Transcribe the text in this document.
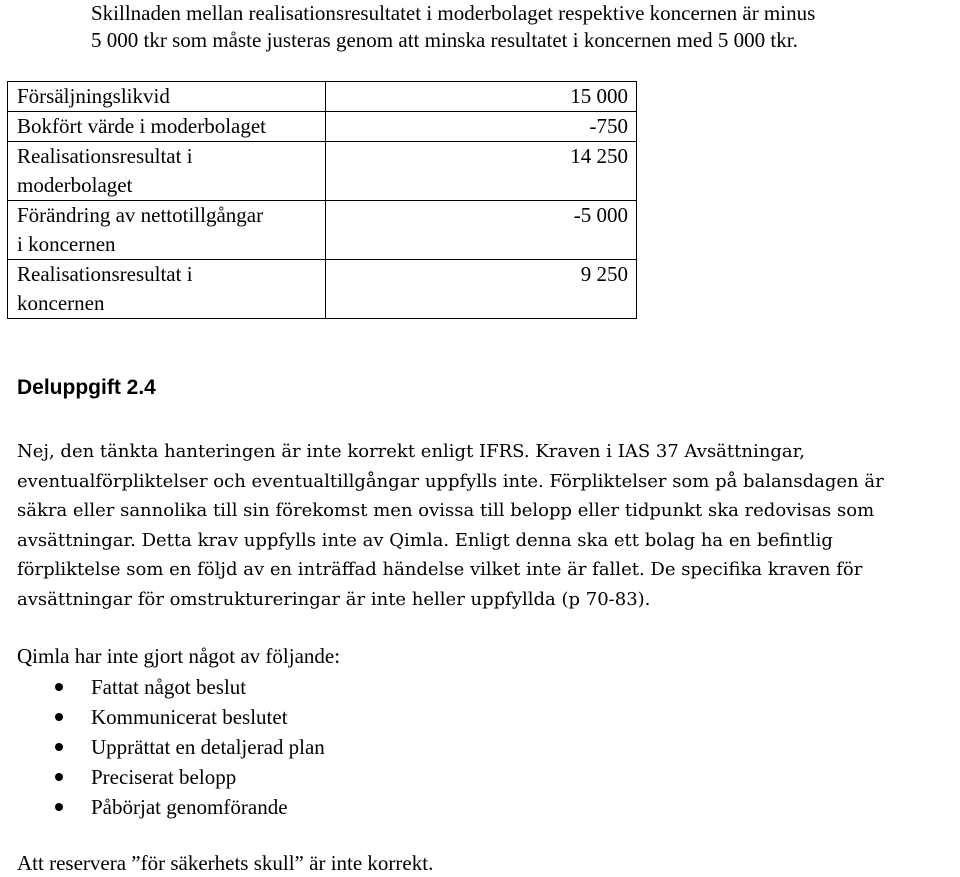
Skillnaden mellan realisationsresultatet i moderbolaget respektive koncernen är minus
5 000 tkr som måste justeras genom att minska resultatet i koncernen med 5 000 tkr.
Försäljningslikvid	15 000

Bokfört värde i moderbolaget	-750

Realisationsresultat i
moderbolaget	14 250

Förändring av nettotillgångar
i koncernen	-5 000

Realisationsresultat i
koncernen	9 250
Deluppgift 2.4
Nej, den tänkta hanteringen är inte korrekt enligt IFRS. Kraven i IAS 37 Avsättningar,
eventualförpliktelser och eventualtillgångar uppfylls inte. Förpliktelser som på balansdagen är
säkra eller sannolika till sin förekomst men ovissa till belopp eller tidpunkt ska redovisas som
avsättningar. Detta krav uppfylls inte av Qimla. Enligt denna ska ett bolag ha en befintlig
förpliktelse som en följd av en inträffad händelse vilket inte är fallet. De specifika kraven för
avsättningar för omstruktureringar är inte heller uppfyllda (p 70-83).
Qimla har inte gjort något av följande:
Fattat något beslut
Kommunicerat beslutet
Upprättat en detaljerad plan
Preciserat belopp
Påbörjat genomförande
Att reservera ”för säkerhets skull” är inte korrekt.
